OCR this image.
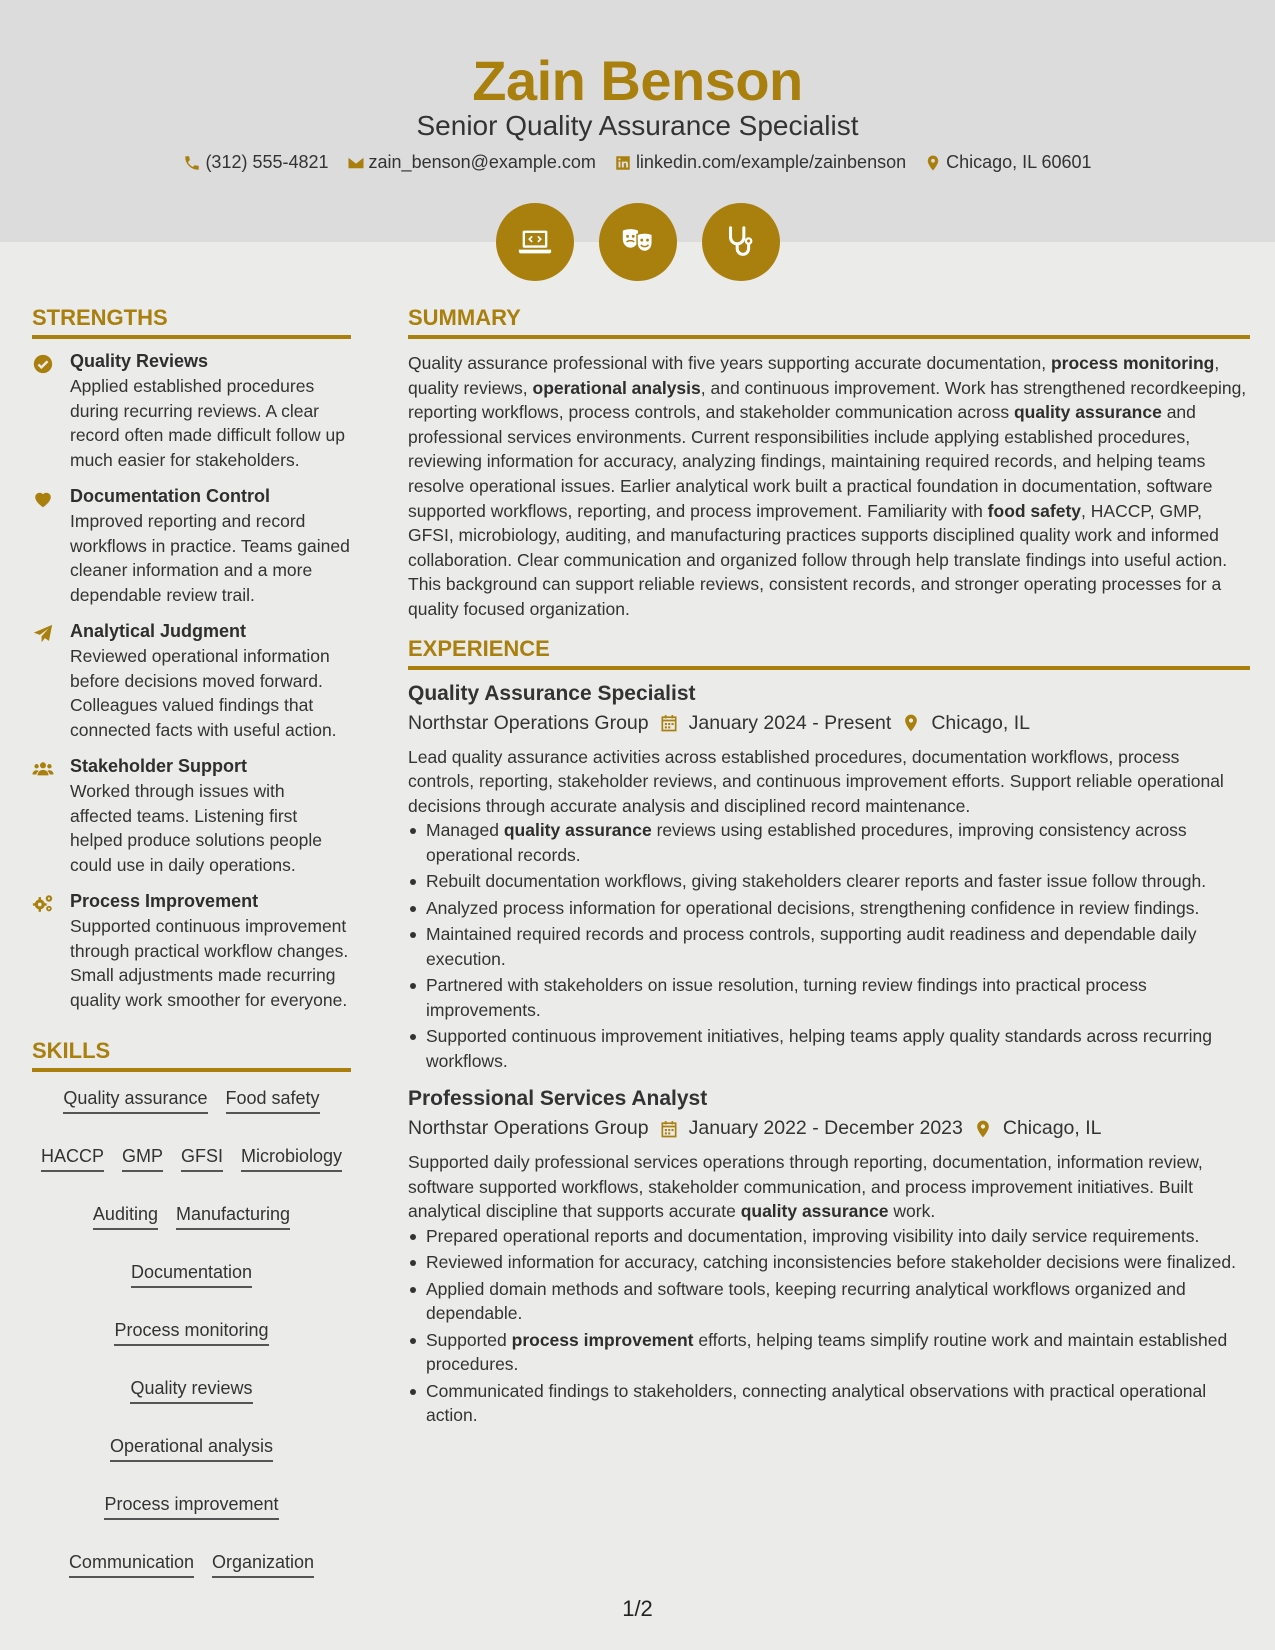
Zain Benson
Senior Quality Assurance Specialist
(312) 555-4821 zain_benson@example.com linkedin.com/example/zainbenson Chicago, IL 60601
STRENGTHS
Quality Reviews
Applied established procedures during recurring reviews. A clear record often made difficult follow up much easier for stakeholders.
Documentation Control
Improved reporting and record workflows in practice. Teams gained cleaner information and a more dependable review trail.
Analytical Judgment
Reviewed operational information before decisions moved forward. Colleagues valued findings that connected facts with useful action.
Stakeholder Support
Worked through issues with affected teams. Listening first helped produce solutions people could use in daily operations.
Process Improvement
Supported continuous improvement through practical workflow changes. Small adjustments made recurring quality work smoother for everyone.
SKILLS
Quality assurance Food safety
HACCP GMP GFSI Microbiology
Auditing Manufacturing
Documentation
Process monitoring
Quality reviews
Operational analysis
Process improvement
Communication Organization
SUMMARY
Quality assurance professional with five years supporting accurate documentation, process monitoring, quality reviews, operational analysis, and continuous improvement. Work has strengthened recordkeeping, reporting workflows, process controls, and stakeholder communication across quality assurance and professional services environments. Current responsibilities include applying established procedures, reviewing information for accuracy, analyzing findings, maintaining required records, and helping teams resolve operational issues. Earlier analytical work built a practical foundation in documentation, software supported workflows, reporting, and process improvement. Familiarity with food safety, HACCP, GMP, GFSI, microbiology, auditing, and manufacturing practices supports disciplined quality work and informed collaboration. Clear communication and organized follow through help translate findings into useful action. This background can support reliable reviews, consistent records, and stronger operating processes for a quality focused organization.
EXPERIENCE
Quality Assurance Specialist
Northstar Operations Group January 2024 - Present Chicago, IL
Lead quality assurance activities across established procedures, documentation workflows, process controls, reporting, stakeholder reviews, and continuous improvement efforts. Support reliable operational decisions through accurate analysis and disciplined record maintenance.
Managed quality assurance reviews using established procedures, improving consistency across operational records.
Rebuilt documentation workflows, giving stakeholders clearer reports and faster issue follow through.
Analyzed process information for operational decisions, strengthening confidence in review findings.
Maintained required records and process controls, supporting audit readiness and dependable daily execution.
Partnered with stakeholders on issue resolution, turning review findings into practical process improvements.
Supported continuous improvement initiatives, helping teams apply quality standards across recurring workflows.
Professional Services Analyst
Northstar Operations Group January 2022 - December 2023 Chicago, IL
Supported daily professional services operations through reporting, documentation, information review, software supported workflows, stakeholder communication, and process improvement initiatives. Built analytical discipline that supports accurate quality assurance work.
Prepared operational reports and documentation, improving visibility into daily service requirements.
Reviewed information for accuracy, catching inconsistencies before stakeholder decisions were finalized.
Applied domain methods and software tools, keeping recurring analytical workflows organized and dependable.
Supported process improvement efforts, helping teams simplify routine work and maintain established procedures.
Communicated findings to stakeholders, connecting analytical observations with practical operational action.
1/2
